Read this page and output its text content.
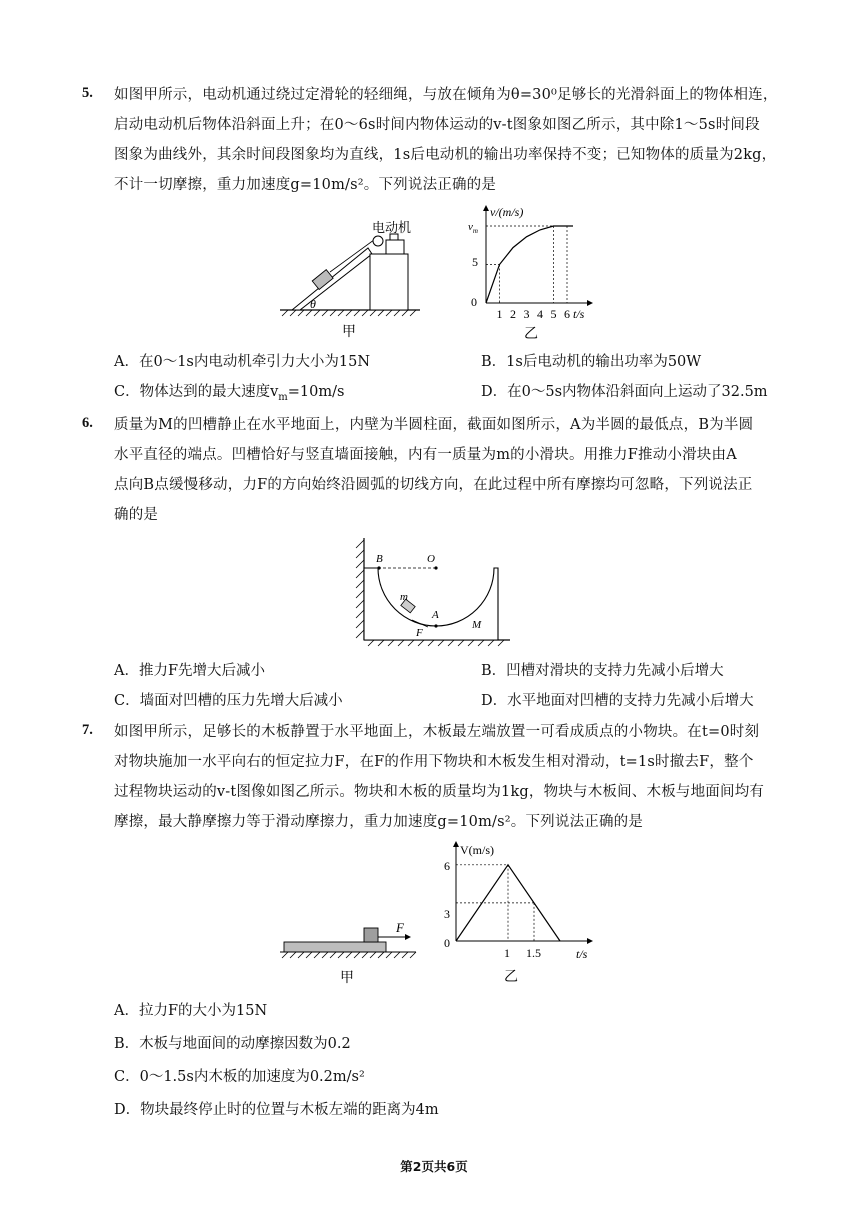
5. 如图甲所示，电动机通过绕过定滑轮的轻细绳，与放在倾角为θ=30⁰足够长的光滑斜面上的物体相连，
启动电动机后物体沿斜面上升；在0～6s时间内物体运动的v-t图象如图乙所示，其中除1～5s时间段
图象为曲线外，其余时间段图象均为直线，1s后电动机的输出功率保持不变；已知物体的质量为2kg，
不计一切摩擦，重力加速度g=10m/s²。下列说法正确的是
电动机
θ
甲
v/(m/s)
$v_m$
5
0
1 2 3 4 5 6 t/s
乙
A．在0～1s内电动机牵引力大小为15N	B．1s后电动机的输出功率为50W
C．物体达到的最大速度$v_m=10m/s$	D．在0～5s内物体沿斜面向上运动了32.5m
6. 质量为M的凹槽静止在水平地面上，内壁为半圆柱面，截面如图所示，A为半圆的最低点，B为半圆
水平直径的端点。凹槽恰好与竖直墙面接触，内有一质量为m的小滑块。用推力F推动小滑块由A
点向B点缓慢移动，力F的方向始终沿圆弧的切线方向，在此过程中所有摩擦均可忽略，下列说法正
确的是
B	O
m
A
F
M
A．推力F先增大后减小	B．凹槽对滑块的支持力先减小后增大
C．墙面对凹槽的压力先增大后减小	D．水平地面对凹槽的支持力先减小后增大
7. 如图甲所示，足够长的木板静置于水平地面上，木板最左端放置一可看成质点的小物块。在t=0时刻
对物块施加一水平向右的恒定拉力F，在F的作用下物块和木板发生相对滑动，t=1s时撤去F，整个
过程物块运动的v-t图像如图乙所示。物块和木板的质量均为1kg，物块与木板间、木板与地面间均有
摩擦，最大静摩擦力等于滑动摩擦力，重力加速度g=10m/s²。下列说法正确的是
F
甲
V(m/s)
6
3
0
1 1.5	t/s
乙
A．拉力F的大小为15N
B．木板与地面间的动摩擦因数为0.2
C．0～1.5s内木板的加速度为0.2m/s²
D．物块最终停止时的位置与木板左端的距离为4m
第2页共6页
